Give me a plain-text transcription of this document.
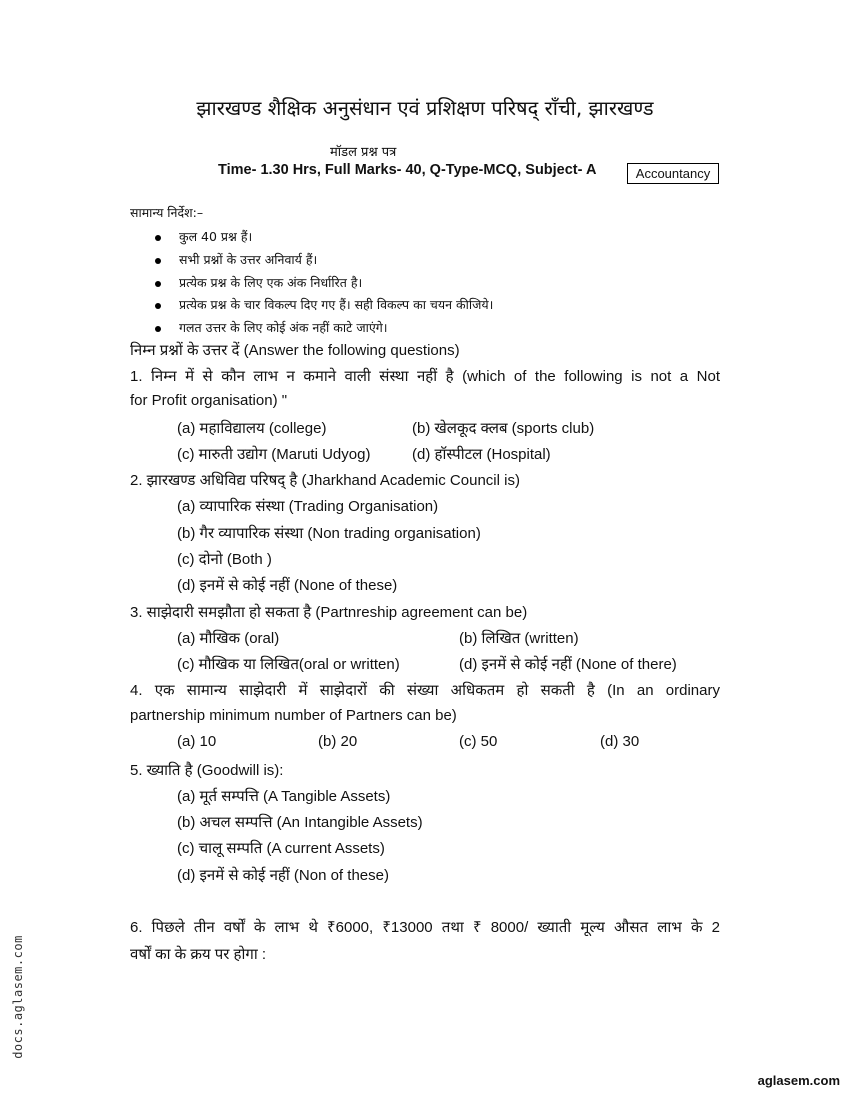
झारखण्ड शैक्षिक अनुसंधान एवं प्रशिक्षण परिषद् राँची, झारखण्ड
मॉडल प्रश्न पत्र
Time- 1.30 Hrs, Full Marks- 40, Q-Type-MCQ, Subject- A	Accountancy
सामान्य निर्देश:–
कुल 40 प्रश्न हैं।
सभी प्रश्नों के उत्तर अनिवार्य हैं।
प्रत्येक प्रश्न के लिए एक अंक निर्धारित है।
प्रत्येक प्रश्न के चार विकल्प दिए गए हैं। सही विकल्प का चयन कीजिये।
गलत उत्तर के लिए कोई अंक नहीं काटे जाएंगे।
निम्न प्रश्नों के उत्तर दें (Answer the following questions)
1. निम्न में से कौन लाभ न कमाने वाली संस्था नहीं है (which of the following is not a Not
for Profit organisation) "
(a) महाविद्यालय (college)	(b) खेलकूद क्लब (sports club)
(c) मारुती उद्योग (Maruti Udyog)	(d) हॉस्पीटल (Hospital)
2. झारखण्ड अधिविद्य परिषद् है (Jharkhand Academic Council is)
(a) व्यापारिक संस्था (Trading Organisation)
(b) गैर व्यापारिक संस्था (Non trading organisation)
(c) दोनो (Both )
(d) इनमें से कोई नहीं (None of these)
3. साझेदारी समझौता हो सकता है (Partnreship agreement can be)
(a) मौखिक (oral)	(b) लिखित (written)
(c) मौखिक या लिखित(oral or written)	(d) इनमें से कोई नहीं (None of there)
4. एक सामान्य साझेदारी में साझेदारों की संख्या अधिकतम हो सकती है (In an ordinary
partnership minimum number of Partners can be)
(a) 10	(b) 20	(c) 50	(d) 30
5. ख्याति है (Goodwill is):
(a) मूर्त सम्पत्ति (A Tangible Assets)
(b) अचल सम्पत्ति (An Intangible Assets)
(c) चालू सम्पति (A current Assets)
(d) इनमें से कोई नहीं (Non of these)
6. पिछले तीन वर्षों के लाभ थे ₹6000, ₹13000 तथा ₹ 8000/ ख्याती मूल्य औसत लाभ के 2
वर्षों का के क्रय पर होगा :
docs.aglasem.com
aglasem.com
